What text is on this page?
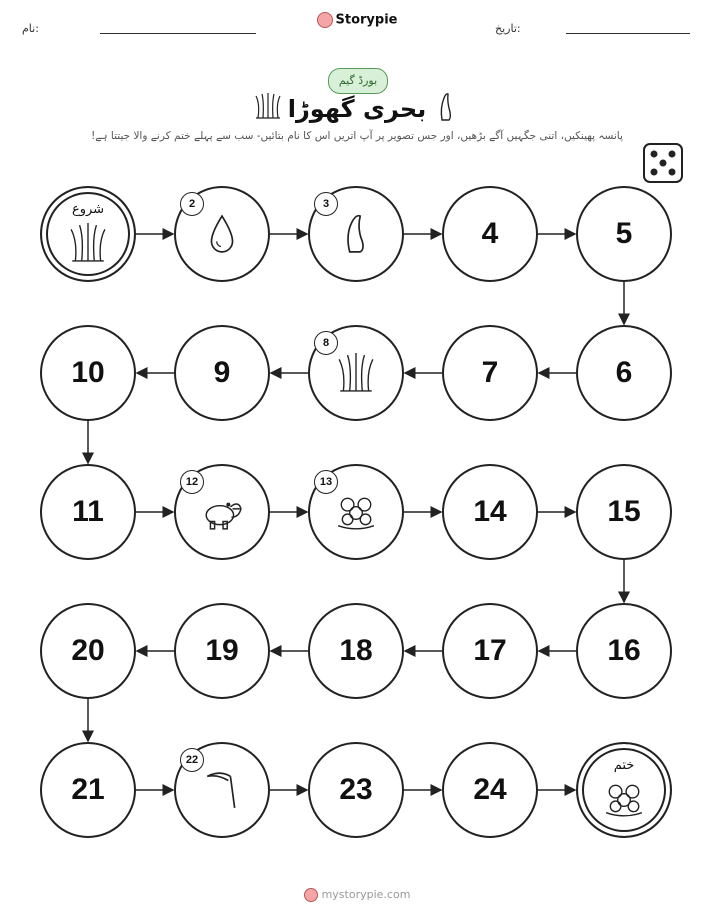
نام:
Storypie
تاریخ:
بورڈ گیم
بحری گھوڑا
پانسہ پھینکیں، اتنی جگہیں آگے بڑھیں، اور جس تصویر پر آپ اتریں اس کا نام بتائیں- سب سے پہلے ختم کرنے والا جیتتا ہے!
شروع	2	3
4	5
6
7
8
9
10
11
12	13
14	15
16
17
18
19
20
21
22
23	24
ختم
mystorypie.com
